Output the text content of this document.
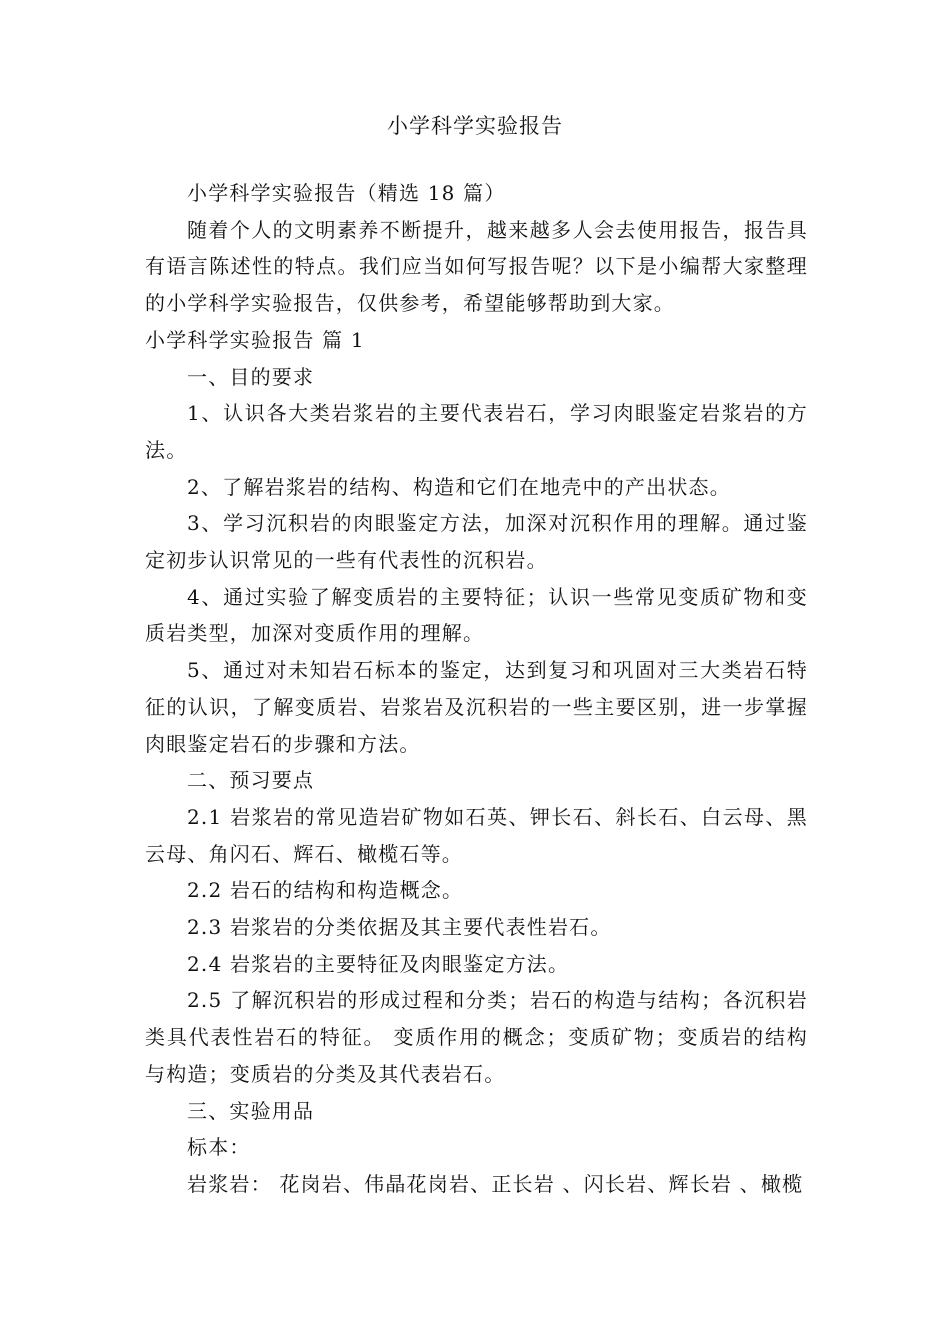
小学科学实验报告

小学科学实验报告（精选 18 篇）

随着个人的文明素养不断提升，越来越多人会去使用报告，报告具有语言陈述性的特点。我们应当如何写报告呢？以下是小编帮大家整理的小学科学实验报告，仅供参考，希望能够帮助到大家。

小学科学实验报告 篇 1

一、目的要求

1、认识各大类岩浆岩的主要代表岩石，学习肉眼鉴定岩浆岩的方法。

2、了解岩浆岩的结构、构造和它们在地壳中的产出状态。

3、学习沉积岩的肉眼鉴定方法，加深对沉积作用的理解。通过鉴定初步认识常见的一些有代表性的沉积岩。

4、通过实验了解变质岩的主要特征；认识一些常见变质矿物和变质岩类型，加深对变质作用的理解。

5、通过对未知岩石标本的鉴定，达到复习和巩固对三大类岩石特征的认识，了解变质岩、岩浆岩及沉积岩的一些主要区别，进一步掌握肉眼鉴定岩石的步骤和方法。

二、预习要点

2.1 岩浆岩的常见造岩矿物如石英、钾长石、斜长石、白云母、黑云母、角闪石、辉石、橄榄石等。

2.2 岩石的结构和构造概念。

2.3 岩浆岩的分类依据及其主要代表性岩石。

2.4 岩浆岩的主要特征及肉眼鉴定方法。

2.5 了解沉积岩的形成过程和分类；岩石的构造与结构；各沉积岩类具代表性岩石的特征。 变质作用的概念；变质矿物；变质岩的结构与构造；变质岩的分类及其代表岩石。

三、实验用品

标本：

岩浆岩： 花岗岩、伟晶花岗岩、正长岩 、闪长岩、辉长岩 、橄榄
